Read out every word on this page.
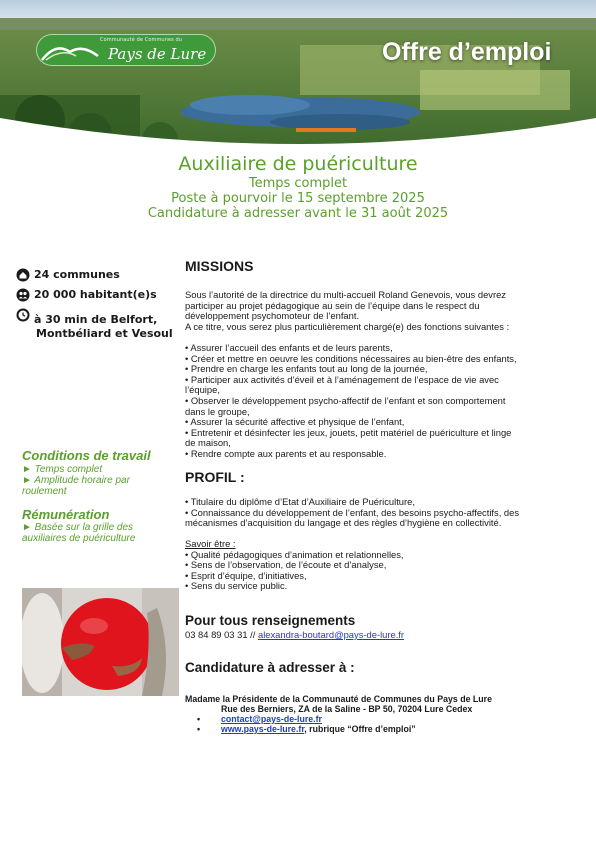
Communauté de Communes du
Pays de Lure	Offre d’emploi
Auxiliaire de puériculture
Temps complet
Poste à pourvoir le 15 septembre 2025
Candidature à adresser avant le 31 août 2025
24 communes
20 000 habitant(e)s
à 30 min de Belfort,
Montbéliard et Vesoul
Conditions de travail
► Temps complet
► Amplitude horaire par
roulement
Rémunération
► Basée sur la grille des
auxiliaires de puériculture
MISSIONS

Sous l’autorité de la directrice du multi-accueil Roland Genevois, vous devrez

participer au projet pédagogique au sein de l’équipe dans le respect du

développement psychomoteur de l’enfant.

A ce titre, vous serez plus particulièrement chargé(e) des fonctions suivantes :

• Assurer l’accueil des enfants et de leurs parents,

• Créer et mettre en oeuvre les conditions nécessaires au bien-être des enfants,

• Prendre en charge les enfants tout au long de la journée,

• Participer aux activités d’éveil et à l’aménagement de l’espace de vie avec

l’équipe,

• Observer le développement psycho-affectif de l’enfant et son comportement

dans le groupe,

• Assurer la sécurité affective et physique de l’enfant,

• Entretenir et désinfecter les jeux, jouets, petit matériel de puériculture et linge

de maison,

• Rendre compte aux parents et au responsable.

PROFIL :

• Titulaire du diplôme d’Etat d’Auxiliaire de Puériculture,

• Connaissance du développement de l’enfant, des besoins psycho-affectifs, des

mécanismes d’acquisition du langage et des règles d’hygiène en collectivité.

Savoir être :

• Qualité pédagogiques d’animation et relationnelles,

• Sens de l’observation, de l’écoute et d’analyse,

• Esprit d’équipe, d’initiatives,

• Sens du service public.

Pour tous renseignements
03 84 89 03 31 // alexandra-boutard@pays-de-lure.fr
Candidature à adresser à :
Madame la Présidente de la Communauté de Communes du Pays de Lure
Rue des Berniers, ZA de la Saline - BP 50, 70204 Lure Cedex
• contact@pays-de-lure.fr
• www.pays-de-lure.fr, rubrique “Offre d’emploi”
